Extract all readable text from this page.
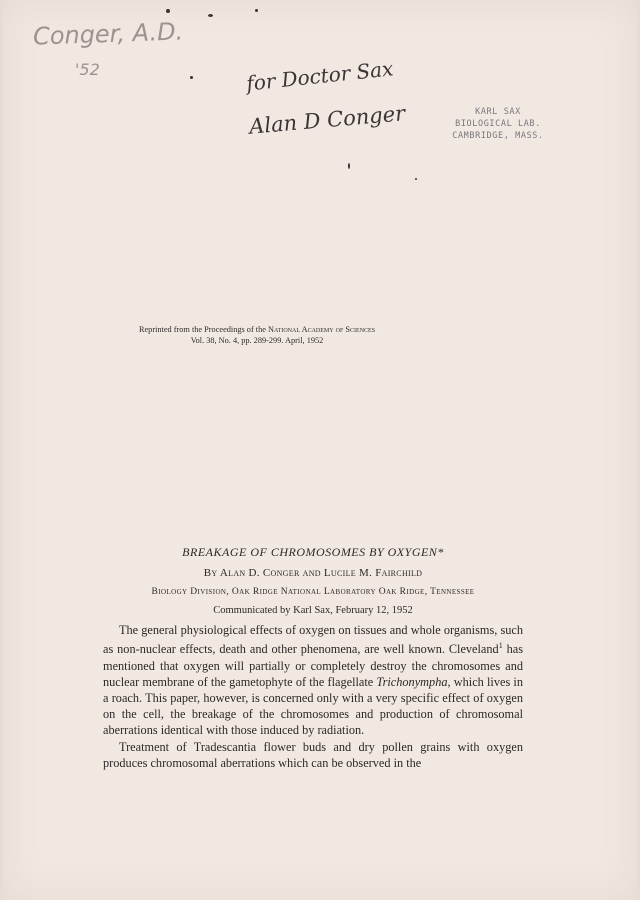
Conger, A.D.
'52	for Doctor Sax
Alan D Conger	KARL SAX
BIOLOGICAL LAB.
CAMBRIDGE, MASS.
Reprinted from the Proceedings of the National Academy of Sciences
Vol. 38, No. 4, pp. 289-299. April, 1952
BREAKAGE OF CHROMOSOMES BY OXYGEN*
By Alan D. Conger and Lucile M. Fairchild
Biology Division, Oak Ridge National Laboratory Oak Ridge, Tennessee
Communicated by Karl Sax, February 12, 1952

The general physiological effects of oxygen on tissues and whole organisms, such as non-nuclear effects, death and other phenomena, are well known. Cleveland$^1$ has mentioned that oxygen will partially or completely destroy the chromosomes and nuclear membrane of the gametophyte of the flagellate Trichonympha, which lives in a roach. This paper, however, is concerned only with a very specific effect of oxygen on the cell, the breakage of the chromosomes and production of chromosomal aberrations identical with those induced by radiation.

Treatment of Tradescantia flower buds and dry pollen grains with oxygen produces chromosomal aberrations which can be observed in the
